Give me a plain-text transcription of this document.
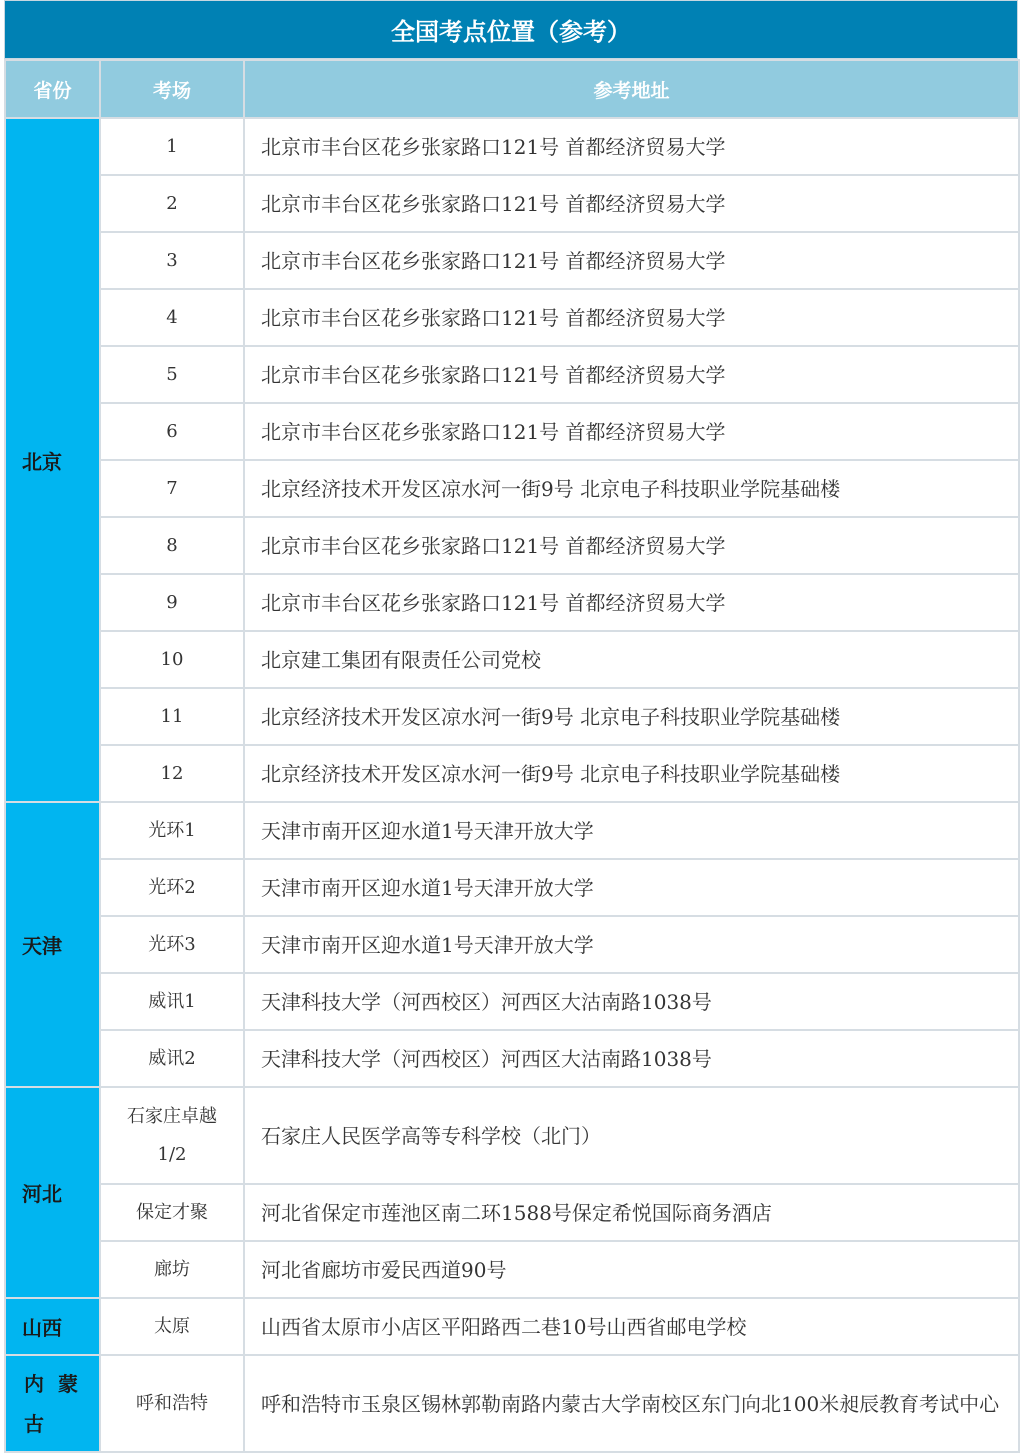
全国考点位置（参考）
省份	考场	参考地址
北京	1	北京市丰台区花乡张家路口121号 首都经济贸易大学
	2	北京市丰台区花乡张家路口121号 首都经济贸易大学
	3	北京市丰台区花乡张家路口121号 首都经济贸易大学
	4	北京市丰台区花乡张家路口121号 首都经济贸易大学
	5	北京市丰台区花乡张家路口121号 首都经济贸易大学
	6	北京市丰台区花乡张家路口121号 首都经济贸易大学
	7	北京经济技术开发区凉水河一街9号 北京电子科技职业学院基础楼
	8	北京市丰台区花乡张家路口121号 首都经济贸易大学
	9	北京市丰台区花乡张家路口121号 首都经济贸易大学
	10	北京建工集团有限责任公司党校
	11	北京经济技术开发区凉水河一街9号 北京电子科技职业学院基础楼
	12	北京经济技术开发区凉水河一街9号 北京电子科技职业学院基础楼
天津	光环1	天津市南开区迎水道1号天津开放大学
	光环2	天津市南开区迎水道1号天津开放大学
	光环3	天津市南开区迎水道1号天津开放大学
	威讯1	天津科技大学（河西校区）河西区大沽南路1038号
	威讯2	天津科技大学（河西校区）河西区大沽南路1038号
河北	石家庄卓越1/2	石家庄人民医学高等专科学校（北门）
	保定才聚	河北省保定市莲池区南二环1588号保定希悦国际商务酒店
	廊坊	河北省廊坊市爱民西道90号
山西	太原	山西省太原市小店区平阳路西二巷10号山西省邮电学校
内蒙古	呼和浩特	呼和浩特市玉泉区锡林郭勒南路内蒙古大学南校区东门向北100米昶辰教育考试中心
